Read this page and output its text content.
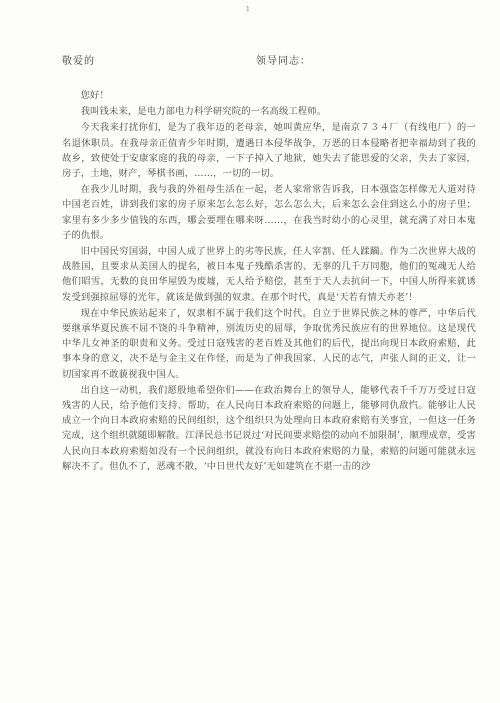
1
敬爱的	领导同志：

您好！

我叫钱未来，是电力部电力科学研究院的一名高级工程师。

今天我来打扰你们，是为了我年迈的老母亲，她叫黄应华，是南京７３４厂（有线电厂）的一名退休职员。在我母亲正值青少年时期，遭遇日本侵华战争，万恶的日本侵略者把幸福劫到了我的故乡，致使处于安康家庭的我的母亲，一下子掉入了地狱，她失去了能思爱的父亲，失去了家园，房子，土地，财产，琴棋书画，……，一切的一切。

在我少儿时期，我与我的外祖母生活在一起，老人家常常告诉我，日本强盗怎样像无人道对待中国老百姓，讲到我们家的房子原来怎么怎么好，怎么怎么大，后来怎么会住到这么小的房子里；家里有多少多少值钱的东西，哪会要埋在哪来呀……，在我当时幼小的心灵里，就充满了对日本鬼子的仇恨。

旧中国民穷国弱，中国人成了世界上的劣等民族，任人宰割、任人蹂躏。作为二次世界大战的战胜国，且要求从美国人的提名，被日本鬼子残酷杀害的、无辜的几千万同胞，他们的冤魂无人给他们昭雪，无数的良田华屋毁为废墟，无人给予赔偿，甚至于天人去抗问一下，中国人所得来就诱发受到强掠屈辱的光年，就该是做到强的奴隶。在那个时代，真是‘天若有情天亦老’！

现在中华民族站起来了，奴隶相不属于我们这个时代。自立于世界民族之林的尊严，中华后代要继承华夏民族不屈不饶的斗争精神，别流历史的屈辱，争取优秀民族应有的世界地位。这是现代中华儿女神圣的职责和义务。受过日寇残害的老百姓及其他们的后代，提出向现日本政府索赔，此事本身的意义，决不是与金主义在作怪，而是为了伸我国家、人民的志气，声张人间的正义，让一切国家再不敢藐视我中国人。

出自这一动机，我们愿殷地希望你们——在政治舞台上的领导人，能够代表千千万万受过日寇残害的人民，给予他们支持、帮助，在人民向日本政府索赔的问题上，能够同仇敌忾。能够让人民成立一个向日本政府索赔的民间组织，这个组织只为处理向日本政府索赔有关事宜，一但这一任务完成，这个组织就随即解散。江泽民总书记说过‘对民间要求赔偿的动向不加限制’，顺理成章，受害人民向日本政府索赔如没有一个民间组织，就没有向日本政府索赔的力量，索赔的问题可能就永远解决不了。但仇不了，恶魂不散，‘中日世代友好’无如建筑在不堪一击的沙
